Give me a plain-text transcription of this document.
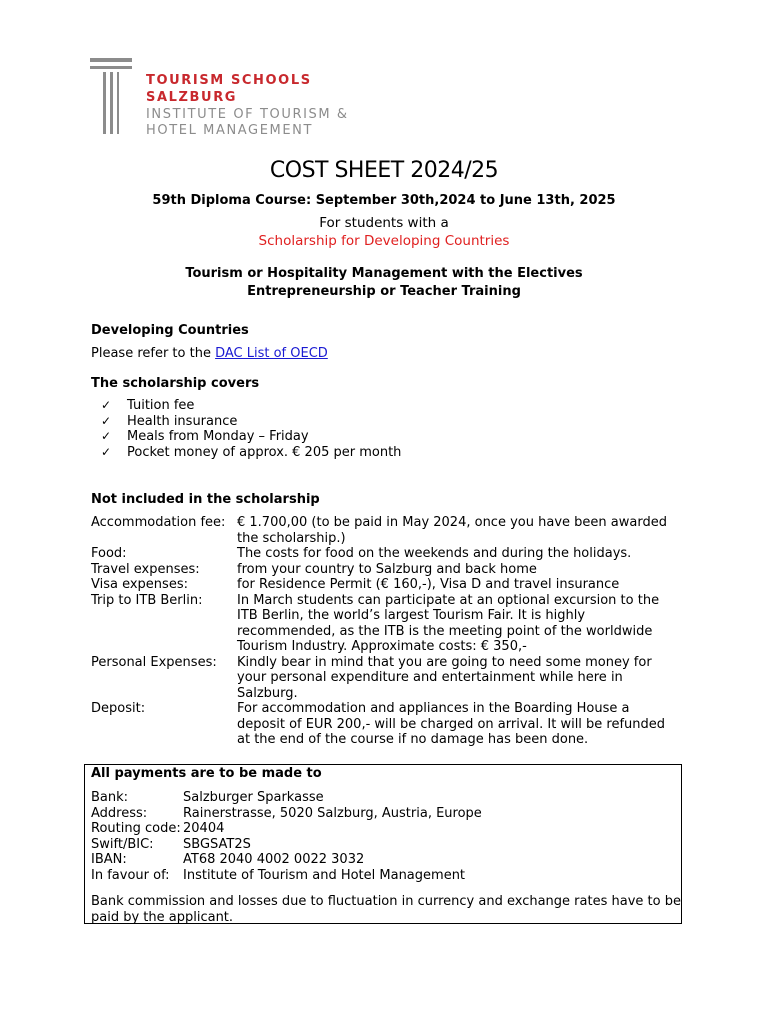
TOURISM SCHOOLS
SALZBURG
INSTITUTE OF TOURISM &
HOTEL MANAGEMENT
COST SHEET 2024/25
59th Diploma Course: September 30th,2024 to June 13th, 2025
For students with a
Scholarship for Developing Countries
Tourism or Hospitality Management with the Electives
Entrepreneurship or Teacher Training
Developing Countries
Please refer to the DAC List of OECD
The scholarship covers
✓ Tuition fee
✓ Health insurance
✓ Meals from Monday – Friday
✓ Pocket money of approx. € 205 per month
Not included in the scholarship
Accommodation fee: € 1.700,00 (to be paid in May 2024, once you have been awarded the scholarship.)
Food:	The costs for food on the weekends and during the holidays.
Travel expenses:	from your country to Salzburg and back home
Visa expenses:	for Residence Permit (€ 160,-), Visa D and travel insurance
Trip to ITB Berlin:	In March students can participate at an optional excursion to the ITB Berlin, the world’s largest Tourism Fair. It is highly recommended, as the ITB is the meeting point of the worldwide Tourism Industry. Approximate costs: € 350,-
Personal Expenses:	Kindly bear in mind that you are going to need some money for your personal expenditure and entertainment while here in Salzburg.
Deposit:	For accommodation and appliances in the Boarding House a deposit of EUR 200,- will be charged on arrival. It will be refunded at the end of the course if no damage has been done.
All payments are to be made to
Bank:	Salzburger Sparkasse
Address:	Rainerstrasse, 5020 Salzburg, Austria, Europe
Routing code: 20404
Swift/BIC:	SBGSAT2S
IBAN:	AT68 2040 4002 0022 3032
In favour of:	Institute of Tourism and Hotel Management
Bank commission and losses due to fluctuation in currency and exchange rates have to be paid by the applicant.
